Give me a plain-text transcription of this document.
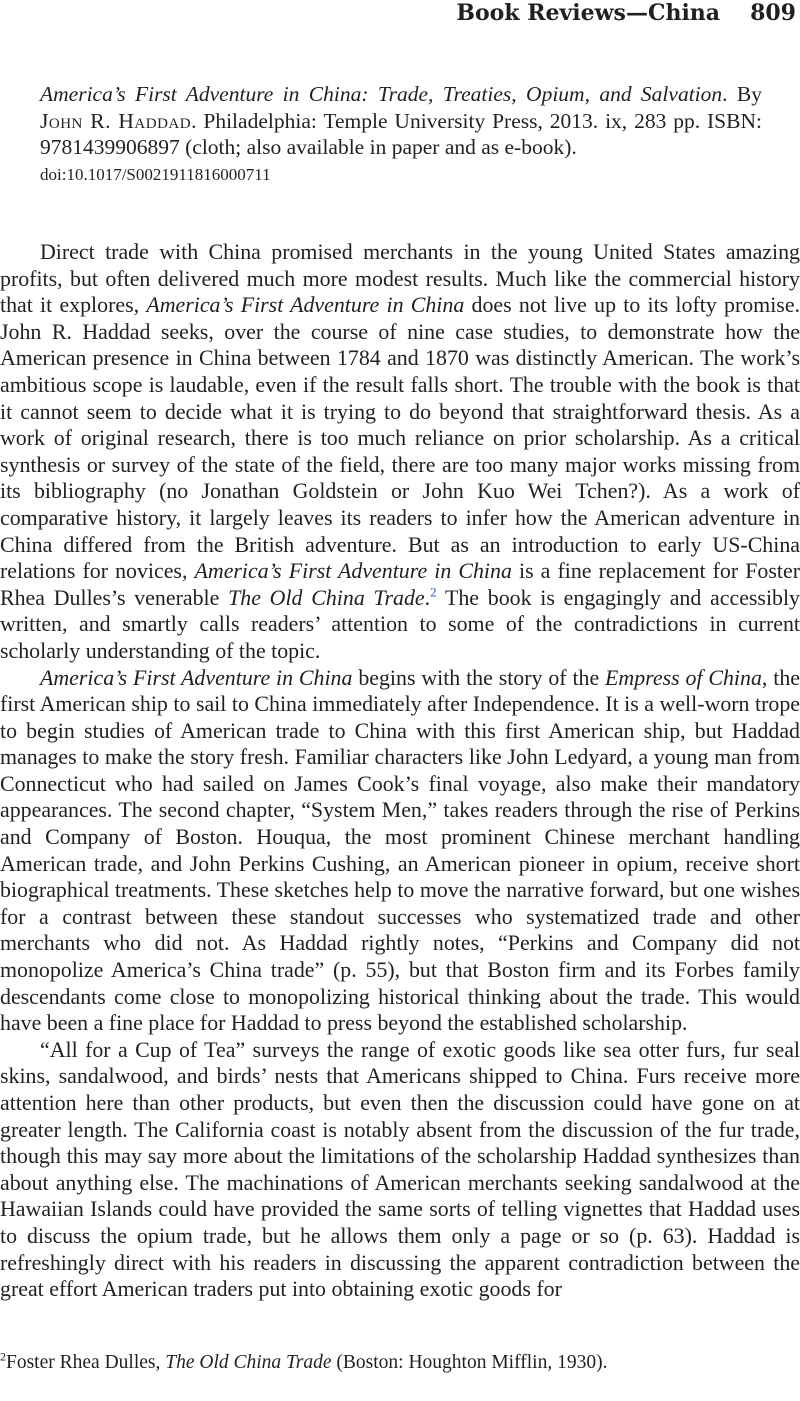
Book Reviews—China 809
America’s First Adventure in China: Trade, Treaties, Opium, and Salvation. By John R. Haddad. Philadelphia: Temple University Press, 2013. ix, 283 pp. ISBN: 9781439906897 (cloth; also available in paper and as e-book).
doi:10.1017/S0021911816000711

Direct trade with China promised merchants in the young United States amazing profits, but often delivered much more modest results. Much like the commercial history that it explores, America’s First Adventure in China does not live up to its lofty promise. John R. Haddad seeks, over the course of nine case studies, to demonstrate how the American presence in China between 1784 and 1870 was distinctly American. The work’s ambitious scope is laudable, even if the result falls short. The trouble with the book is that it cannot seem to decide what it is trying to do beyond that straightforward thesis. As a work of original research, there is too much reliance on prior scholarship. As a critical synthesis or survey of the state of the field, there are too many major works missing from its bibliography (no Jonathan Goldstein or John Kuo Wei Tchen?). As a work of comparative history, it largely leaves its readers to infer how the American adventure in China differed from the British adventure. But as an introduction to early US-China relations for novices, America’s First Adventure in China is a fine replacement for Foster Rhea Dulles’s venerable The Old China Trade.$^2$ The book is engagingly and accessibly written, and smartly calls readers’ attention to some of the contradictions in current scholarly understanding of the topic.

America’s First Adventure in China begins with the story of the Empress of China, the first American ship to sail to China immediately after Independence. It is a well-worn trope to begin studies of American trade to China with this first American ship, but Haddad manages to make the story fresh. Familiar characters like John Ledyard, a young man from Connecticut who had sailed on James Cook’s final voyage, also make their mandatory appearances. The second chapter, “System Men,” takes readers through the rise of Perkins and Company of Boston. Houqua, the most prominent Chinese merchant handling American trade, and John Perkins Cushing, an American pioneer in opium, receive short biographical treatments. These sketches help to move the narrative forward, but one wishes for a contrast between these standout successes who systematized trade and other merchants who did not. As Haddad rightly notes, “Perkins and Company did not monopolize America’s China trade” (p. 55), but that Boston firm and its Forbes family descendants come close to monopolizing historical thinking about the trade. This would have been a fine place for Haddad to press beyond the established scholarship.

“All for a Cup of Tea” surveys the range of exotic goods like sea otter furs, fur seal skins, sandalwood, and birds’ nests that Americans shipped to China. Furs receive more attention here than other products, but even then the discussion could have gone on at greater length. The California coast is notably absent from the discussion of the fur trade, though this may say more about the limitations of the scholarship Haddad synthesizes than about anything else. The machinations of American merchants seeking sandalwood at the Hawaiian Islands could have provided the same sorts of telling vignettes that Haddad uses to discuss the opium trade, but he allows them only a page or so (p. 63). Haddad is refreshingly direct with his readers in discussing the apparent contradiction between the great effort American traders put into obtaining exotic goods for

$^2$Foster Rhea Dulles, The Old China Trade (Boston: Houghton Mifflin, 1930).
